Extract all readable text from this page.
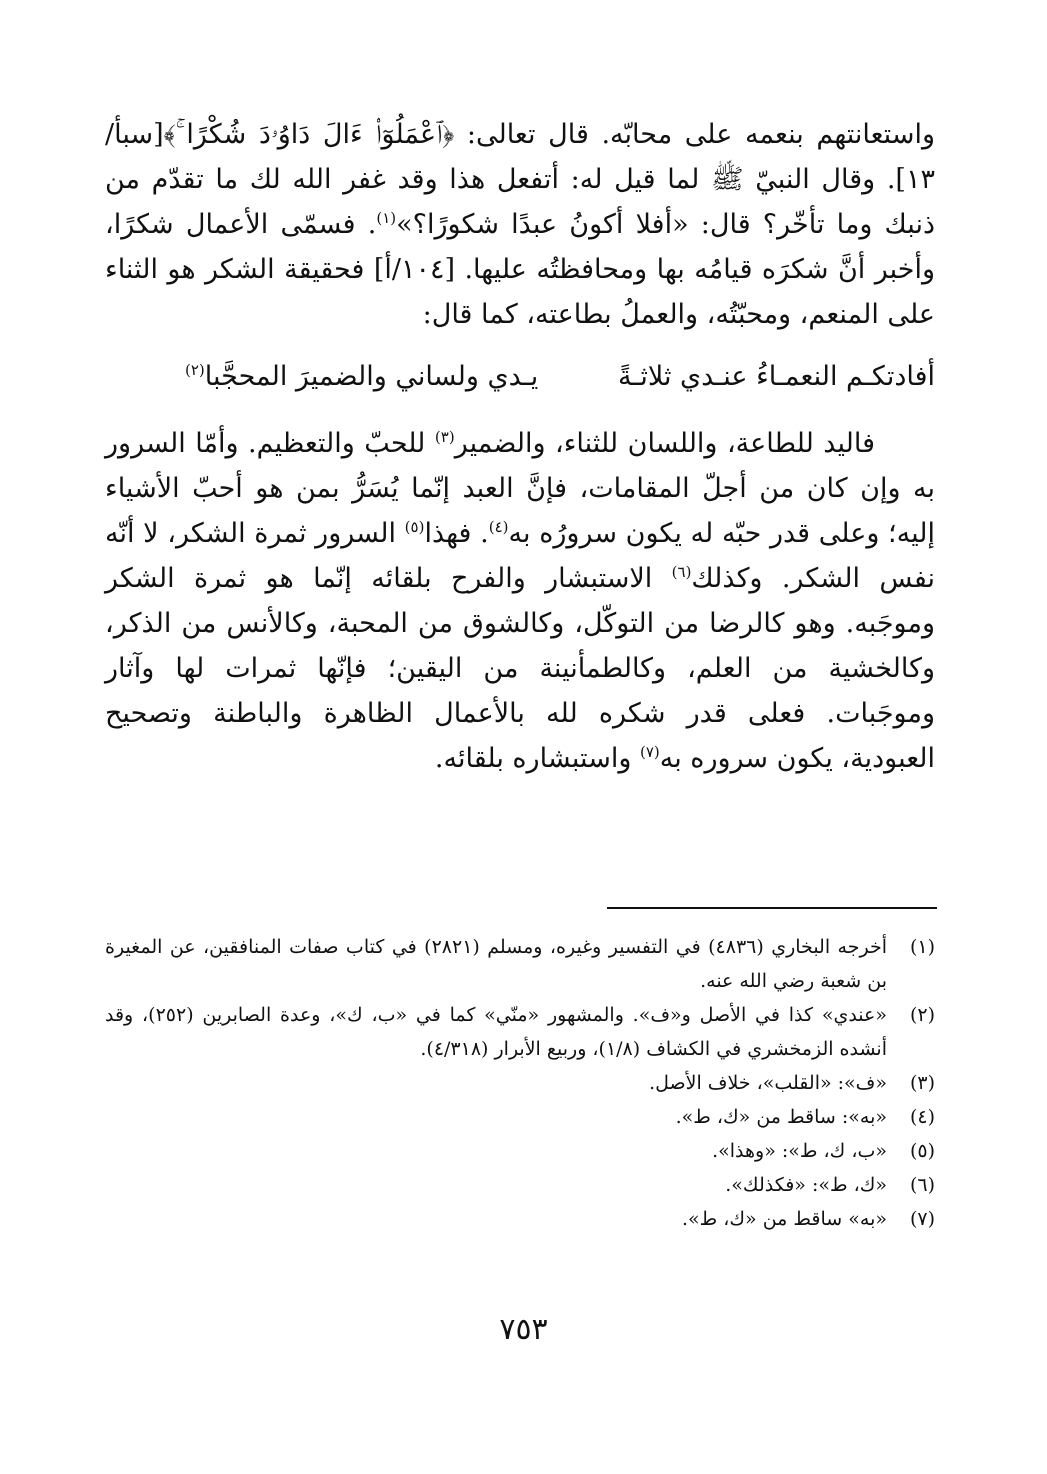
واستعانتهم بنعمه على محابّه. قال تعالى: ﴿ٱعْمَلُوٓا۟ ءَالَ دَاوُۥدَ شُكْرًا ۚ﴾[سبأ/١٣]. وقال النبيّ ﷺ لما قيل له: أتفعل هذا وقد غفر الله لك ما تقدّم من ذنبك وما تأخّر؟ قال: «أفلا أكونُ عبدًا شكورًا؟»$^{(١)}$. فسمّى الأعمال شكرًا، وأخبر أنَّ شكرَه قيامُه بها ومحافظتُه عليها. [١٠٤/أ] فحقيقة الشكر هو الثناء على المنعم، ومحبّتُه، والعملُ بطاعته، كما قال:

أفادتكـم النعمـاءُ عنـدي ثلاثـةً
يـدي ولساني والضميرَ المحجَّبا$^{(٢)}$

فاليد للطاعة، واللسان للثناء، والضمير$^{(٣)}$ للحبّ والتعظيم. وأمّا السرور به وإن كان من أجلّ المقامات، فإنَّ العبد إنّما يُسَرُّ بمن هو أحبّ الأشياء إليه؛ وعلى قدر حبّه له يكون سرورُه به$^{(٤)}$. فهذا$^{(٥)}$ السرور ثمرة الشكر، لا أنّه نفس الشكر. وكذلك$^{(٦)}$ الاستبشار والفرح بلقائه إنّما هو ثمرة الشكر وموجَبه. وهو كالرضا من التوكّل، وكالشوق من المحبة، وكالأنس من الذكر، وكالخشية من العلم، وكالطمأنينة من اليقين؛ فإنّها ثمرات لها وآثار وموجَبات. فعلى قدر شكره لله بالأعمال الظاهرة والباطنة وتصحيح العبودية، يكون سروره به$^{(٧)}$ واستبشاره بلقائه.

(١)
أخرجه البخاري (٤٨٣٦) في التفسير وغيره، ومسلم (٢٨٢١) في كتاب صفات المنافقين، عن المغيرة بن شعبة رضي الله عنه.
(٢)
«عندي» كذا في الأصل و«ف». والمشهور «منّي» كما في «ب، ك»، وعدة الصابرين (٢٥٢)، وقد أنشده الزمخشري في الكشاف (١/٨)، وربيع الأبرار (٤/٣١٨).
(٣)
«ف»: «القلب»، خلاف الأصل.
(٤)
«به»: ساقط من «ك، ط».
(٥)
«ب، ك، ط»: «وهذا».
(٦)
«ك، ط»: «فكذلك».
(٧)
«به» ساقط من «ك، ط».
٧٥٣
